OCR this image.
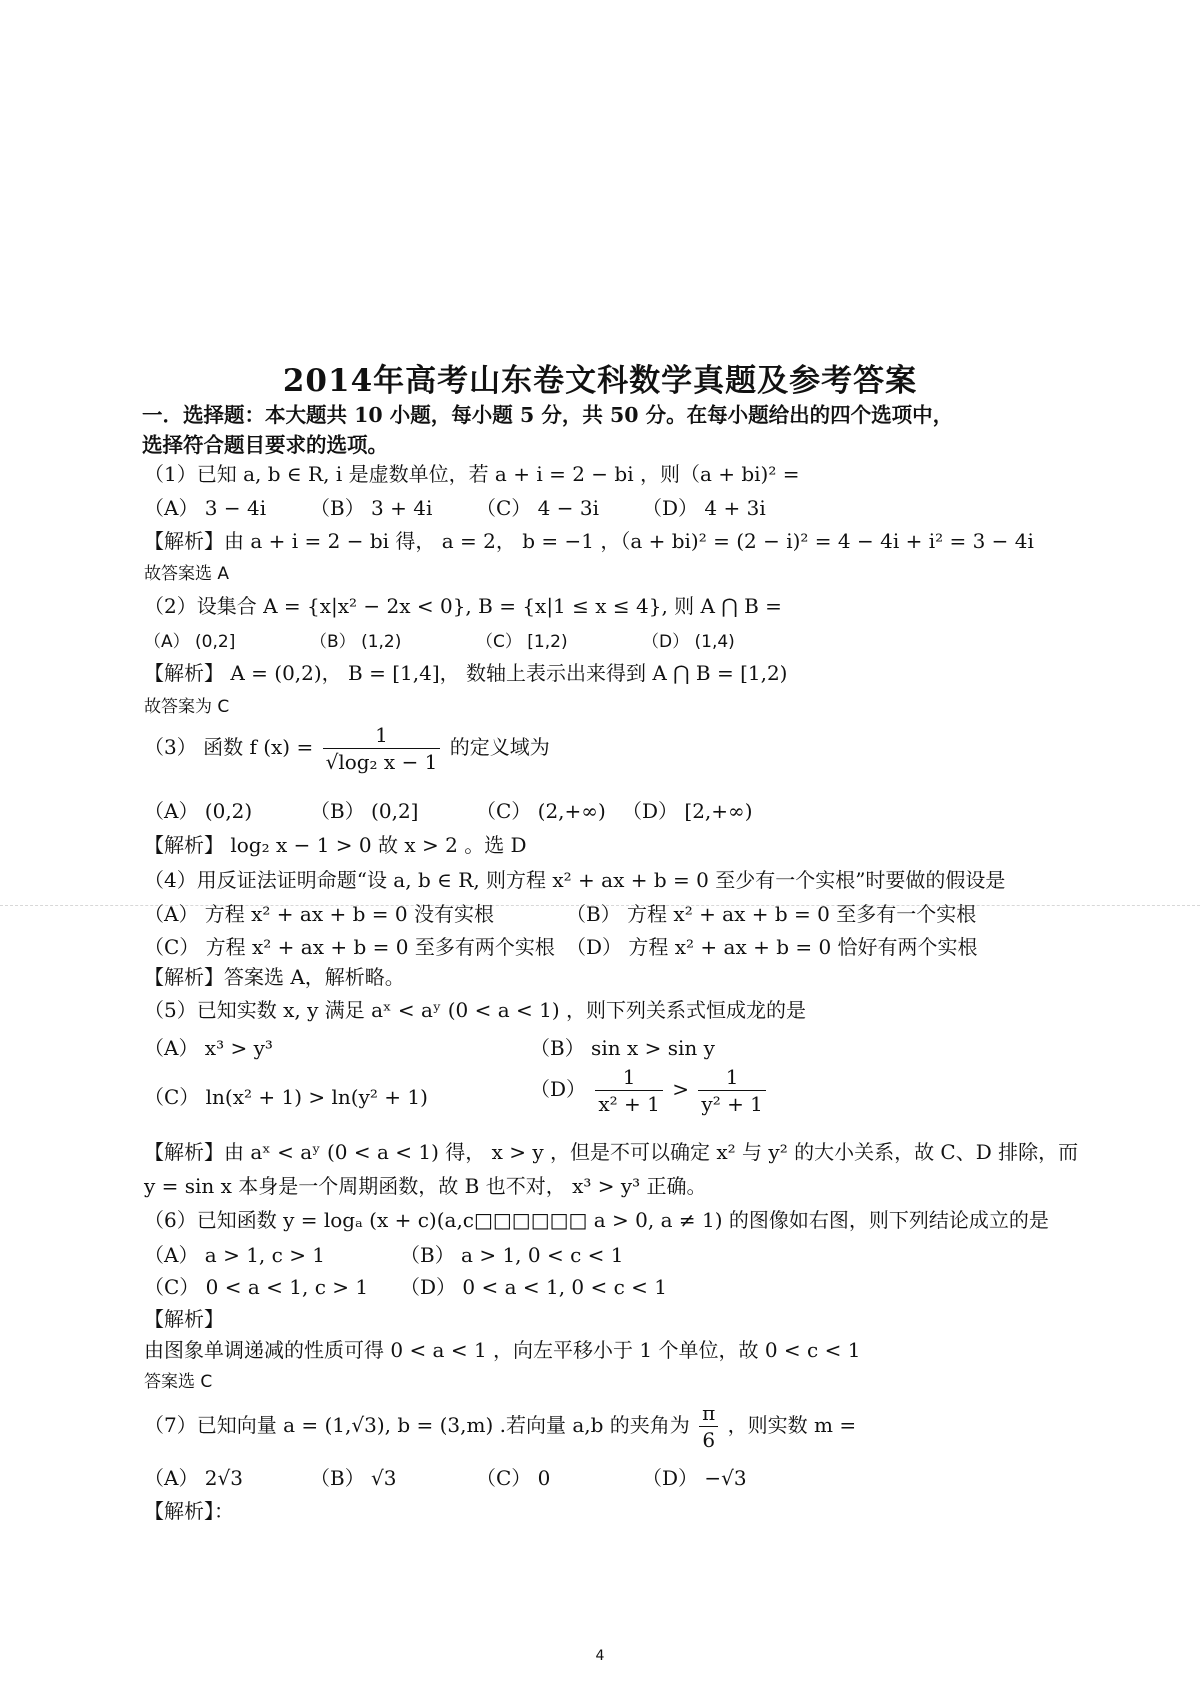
2014年高考山东卷文科数学真题及参考答案
一．选择题：本大题共 10 小题，每小题 5 分，共 50 分。在每小题给出的四个选项中，
选择符合题目要求的选项。
（1）已知 a, b ∈ R, i 是虚数单位，若 a + i = 2 − bi ，则（a + bi)² =
（A） 3 − 4i （B） 3 + 4i （C） 4 − 3i （D） 4 + 3i
【解析】由 a + i = 2 − bi 得， a = 2， b = −1 ，（a + bi)² = (2 − i)² = 4 − 4i + i² = 3 − 4i
故答案选 A
（2）设集合 A = {x|x² − 2x < 0}, B = {x|1 ≤ x ≤ 4}, 则 A ⋂ B =
（A） (0,2]	（B） (1,2)	（C） [1,2)	（D） (1,4)
【解析】 A = (0,2)， B = [1,4]， 数轴上表示出来得到 A ⋂ B = [1,2)
故答案为 C
（3） 函数 f $(x) = \frac{1}{\text{√log₂ x − 1}}$ 的定义域为
（A） (0,2)	（B） (0,2]	（C） (2,+∞) （D） [2,+∞)
【解析】 log₂ x − 1 > 0 故 x > 2 。选 D
（4）用反证法证明命题“设 a, b ∈ R, 则方程 x² + ax + b = 0 至少有一个实根”时要做的假设是
（A） 方程 x² + ax + b = 0 没有实根	（B） 方程 x² + ax + b = 0 至多有一个实根
（C） 方程 x² + ax + b = 0 至多有两个实根 （D） 方程 x² + ax + b = 0 恰好有两个实根
【解析】答案选 A，解析略。
（5）已知实数 x, y 满足 aˣ < aʸ (0 < a < 1) ，则下列关系式恒成龙的是
（A） x³ > y³	（B） sin x > sin y
（C） ln(x² + 1) > ln(y² + 1)	$(D) \frac{1}{\text{x² + 1}} > \frac{1}{\text{y² + 1}}$
【解析】由 aˣ < aʸ (0 < a < 1) 得， x > y ，但是不可以确定 x² 与 y² 的大小关系，故 C、D 排除，而
y = sin x 本身是一个周期函数，故 B 也不对， x³ > y³ 正确。
（6）已知函数 y = logₐ (x + c)(a,c□□□□□□ a > 0, a ≠ 1) 的图像如右图，则下列结论成立的是
（A） a > 1, c > 1	（B） a > 1, 0 < c < 1
（C） 0 < a < 1, c > 1 （D） 0 < a < 1, 0 < c < 1
【解析】
由图象单调递减的性质可得 0 < a < 1 ，向左平移小于 1 个单位，故 0 < c < 1
答案选 C
（7）已知向量 a = (1,√3), b = (3,m) .若向量 a,b 的夹角为 $\frac{\pi}{6}$ ，则实数 m =
（A） 2√3	（B） √3	（C） 0	（D） −√3
【解析】：
4
